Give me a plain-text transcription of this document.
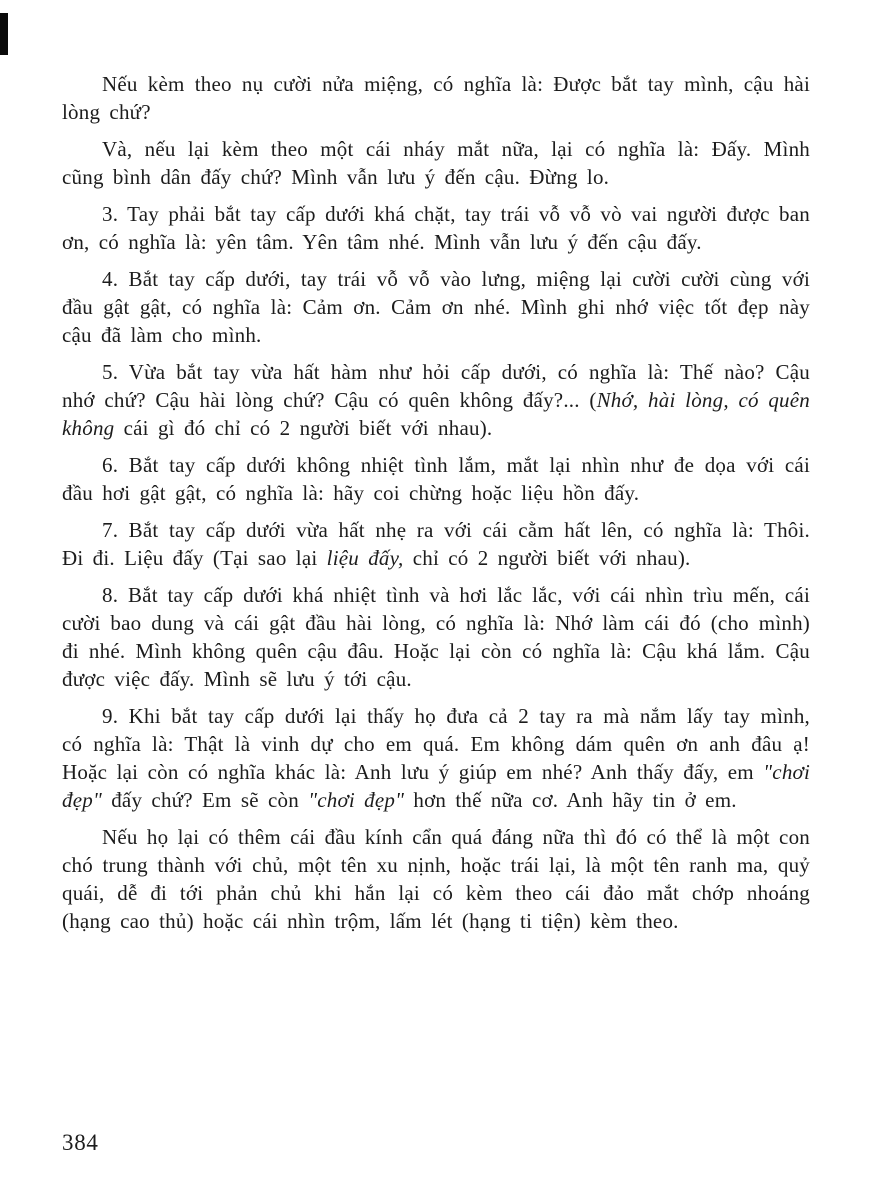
Nếu kèm theo nụ cười nửa miệng, có nghĩa là: Được bắt tay mình, cậu hài lòng chứ?

Và, nếu lại kèm theo một cái nháy mắt nữa, lại có nghĩa là: Đấy. Mình cũng bình dân đấy chứ? Mình vẫn lưu ý đến cậu. Đừng lo.

3. Tay phải bắt tay cấp dưới khá chặt, tay trái vỗ vỗ vò vai người được ban ơn, có nghĩa là: yên tâm. Yên tâm nhé. Mình vẫn lưu ý đến cậu đấy.

4. Bắt tay cấp dưới, tay trái vỗ vỗ vào lưng, miệng lại cười cười cùng với đầu gật gật, có nghĩa là: Cảm ơn. Cảm ơn nhé. Mình ghi nhớ việc tốt đẹp này cậu đã làm cho mình.

5. Vừa bắt tay vừa hất hàm như hỏi cấp dưới, có nghĩa là: Thế nào? Cậu nhớ chứ? Cậu hài lòng chứ? Cậu có quên không đấy?... (Nhớ, hài lòng, có quên không cái gì đó chỉ có 2 người biết với nhau).

6. Bắt tay cấp dưới không nhiệt tình lắm, mắt lại nhìn như đe dọa với cái đầu hơi gật gật, có nghĩa là: hãy coi chừng hoặc liệu hồn đấy.

7. Bắt tay cấp dưới vừa hất nhẹ ra với cái cằm hất lên, có nghĩa là: Thôi. Đi đi. Liệu đấy (Tại sao lại liệu đấy, chỉ có 2 người biết với nhau).

8. Bắt tay cấp dưới khá nhiệt tình và hơi lắc lắc, với cái nhìn trìu mến, cái cười bao dung và cái gật đầu hài lòng, có nghĩa là: Nhớ làm cái đó (cho mình) đi nhé. Mình không quên cậu đâu. Hoặc lại còn có nghĩa là: Cậu khá lắm. Cậu được việc đấy. Mình sẽ lưu ý tới cậu.

9. Khi bắt tay cấp dưới lại thấy họ đưa cả 2 tay ra mà nắm lấy tay mình, có nghĩa là: Thật là vinh dự cho em quá. Em không dám quên ơn anh đâu ạ! Hoặc lại còn có nghĩa khác là: Anh lưu ý giúp em nhé? Anh thấy đấy, em "chơi đẹp" đấy chứ? Em sẽ còn "chơi đẹp" hơn thế nữa cơ. Anh hãy tin ở em.

Nếu họ lại có thêm cái đầu kính cẩn quá đáng nữa thì đó có thể là một con chó trung thành với chủ, một tên xu nịnh, hoặc trái lại, là một tên ranh ma, quỷ quái, dễ đi tới phản chủ khi hắn lại có kèm theo cái đảo mắt chớp nhoáng (hạng cao thủ) hoặc cái nhìn trộm, lấm lét (hạng ti tiện) kèm theo.

384
